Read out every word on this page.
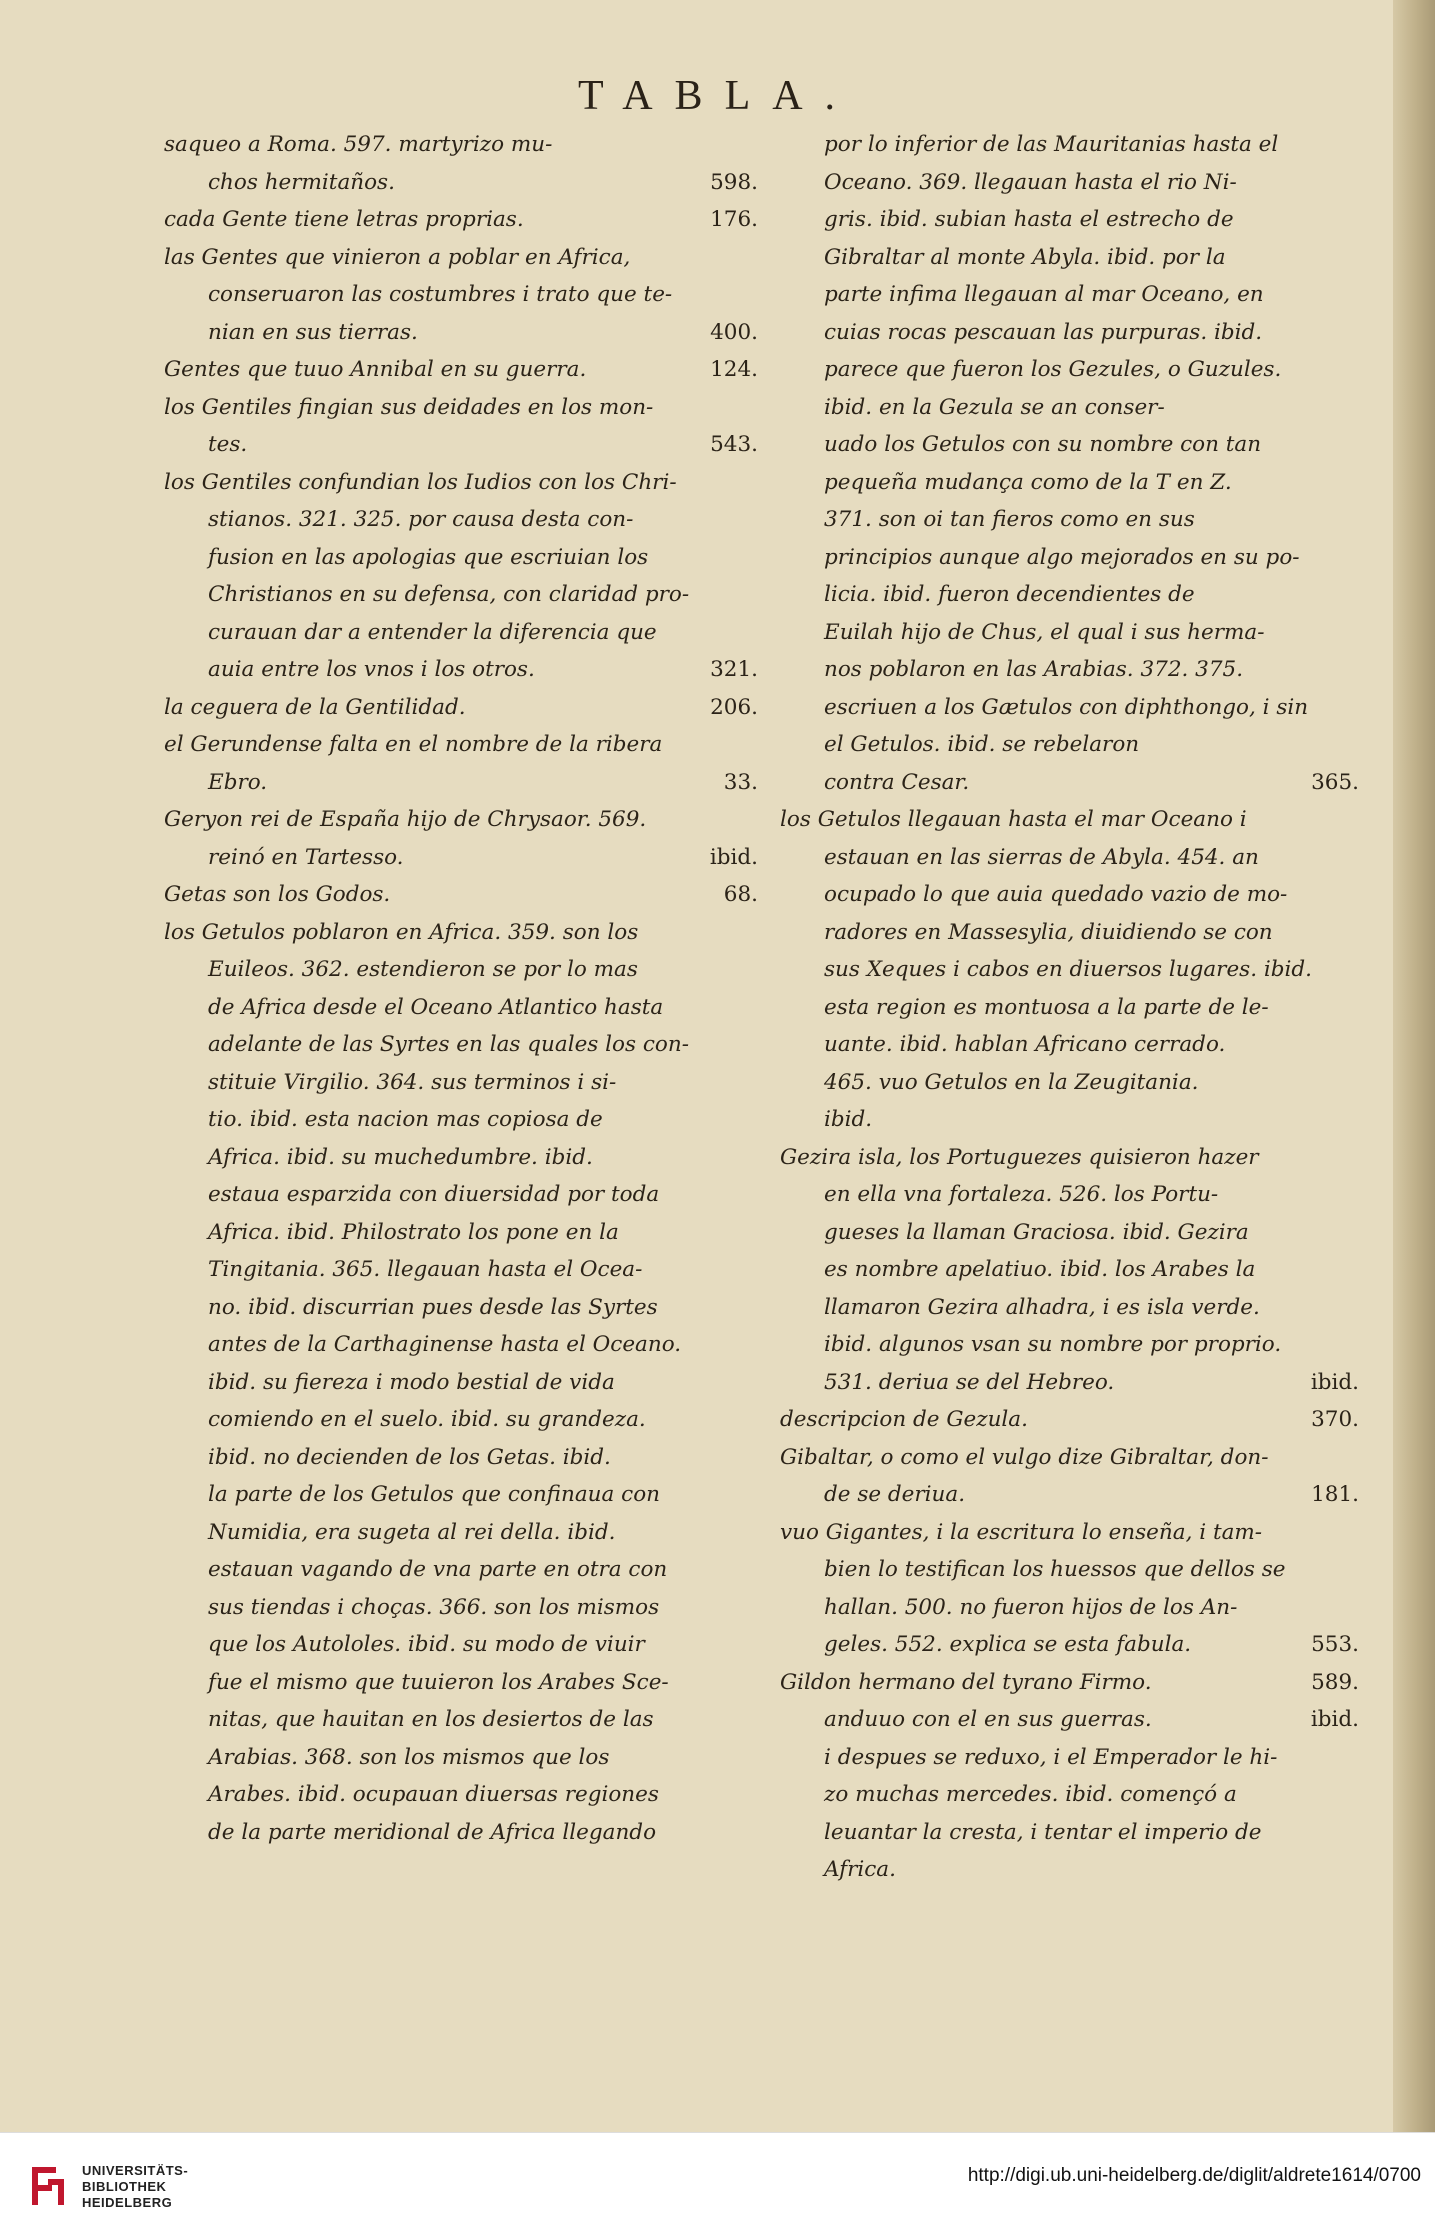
TABLA.
saqueo a Roma. 597. martyrizo mu-
chos hermitaños.	598.
cada Gente tiene letras proprias.	176.
las Gentes que vinieron a poblar en Africa,
conseruaron las costumbres i trato que te-
nian en sus tierras.	400.
Gentes que tuuo Annibal en su guerra.	124.
los Gentiles fingian sus deidades en los mon-
tes.	543.
los Gentiles confundian los Iudios con los Chri-
stianos. 321. 325. por causa desta con-
fusion en las apologias que escriuian los
Christianos en su defensa, con claridad pro-
curauan dar a entender la diferencia que
auia entre los vnos i los otros.	321.
la ceguera de la Gentilidad.	206.
el Gerundense falta en el nombre de la ribera
Ebro.	33.
Geryon rei de España hijo de Chrysaor. 569.
reinó en Tartesso.	ibid.
Getas son los Godos.	68.
los Getulos poblaron en Africa. 359. son los
Euileos. 362. estendieron se por lo mas
de Africa desde el Oceano Atlantico hasta
adelante de las Syrtes en las quales los con-
stituie Virgilio. 364. sus terminos i si-
tio. ibid. esta nacion mas copiosa de
Africa. ibid. su muchedumbre. ibid.
estaua esparzida con diuersidad por toda
Africa. ibid. Philostrato los pone en la
Tingitania. 365. llegauan hasta el Ocea-
no. ibid. discurrian pues desde las Syrtes
antes de la Carthaginense hasta el Oceano.
ibid. su fiereza i modo bestial de vida
comiendo en el suelo. ibid. su grandeza.
ibid. no decienden de los Getas. ibid.
la parte de los Getulos que confinaua con
Numidia, era sugeta al rei della. ibid.
estauan vagando de vna parte en otra con
sus tiendas i choças. 366. son los mismos
que los Autololes. ibid. su modo de viuir
fue el mismo que tuuieron los Arabes Sce-
nitas, que hauitan en los desiertos de las
Arabias. 368. son los mismos que los
Arabes. ibid. ocupauan diuersas regiones
de la parte meridional de Africa llegando
por lo inferior de las Mauritanias hasta el
Oceano. 369. llegauan hasta el rio Ni-
gris. ibid. subian hasta el estrecho de
Gibraltar al monte Abyla. ibid. por la
parte infima llegauan al mar Oceano, en
cuias rocas pescauan las purpuras. ibid.
parece que fueron los Gezules, o Guzules.
ibid. en la Gezula se an conser-
uado los Getulos con su nombre con tan
pequeña mudança como de la T en Z.
371. son oi tan fieros como en sus
principios aunque algo mejorados en su po-
licia. ibid. fueron decendientes de
Euilah hijo de Chus, el qual i sus herma-
nos poblaron en las Arabias. 372. 375.
escriuen a los Gætulos con diphthongo, i sin
el Getulos. ibid. se rebelaron
contra Cesar.	365.
los Getulos llegauan hasta el mar Oceano i
estauan en las sierras de Abyla. 454. an
ocupado lo que auia quedado vazio de mo-
radores en Massesylia, diuidiendo se con
sus Xeques i cabos en diuersos lugares. ibid.
esta region es montuosa a la parte de le-
uante. ibid. hablan Africano cerrado.
465. vuo Getulos en la Zeugitania.
ibid.
Gezira isla, los Portuguezes quisieron hazer
en ella vna fortaleza. 526. los Portu-
gueses la llaman Graciosa. ibid. Gezira
es nombre apelatiuo. ibid. los Arabes la
llamaron Gezira alhadra, i es isla verde.
ibid. algunos vsan su nombre por proprio.
531. deriua se del Hebreo.	ibid.
descripcion de Gezula.	370.
Gibaltar, o como el vulgo dize Gibraltar, don-
de se deriua.	181.
vuo Gigantes, i la escritura lo enseña, i tam-
bien lo testifican los huessos que dellos se
hallan. 500. no fueron hijos de los An-
geles. 552. explica se esta fabula.	553.
Gildon hermano del tyrano Firmo.	589.
anduuo con el en sus guerras.	ibid.
i despues se reduxo, i el Emperador le hi-
zo muchas mercedes. ibid. començó a
leuantar la cresta, i tentar el imperio de
Africa.
UNIVERSITÄTS-
BIBLIOTHEK
HEIDELBERG
http://digi.ub.uni-heidelberg.de/diglit/aldrete1614/0700
